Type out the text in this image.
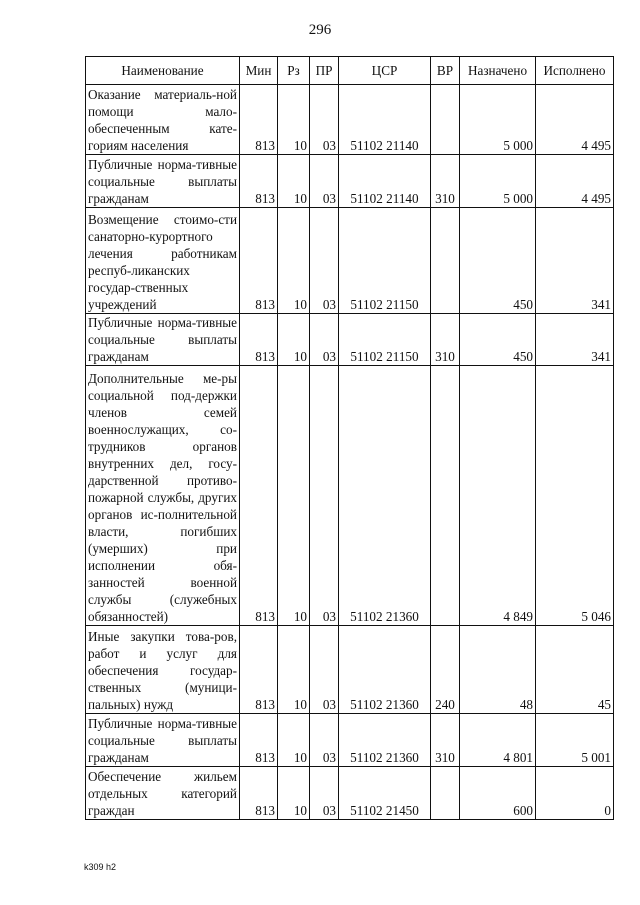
296
Наименование	Мин	Рз	ПР	ЦСР	ВР	Назначено	Исполнено
Оказание материаль-ной помощи мало-обеспеченным кате-гориям населения	813	10	03	51102 21140		5 000	4 495
Публичные норма-тивные социальные выплаты гражданам	813	10	03	51102 21140	310	5 000	4 495
Возмещение стоимо-сти санаторно-курортного лечения работникам респуб-ликанских государ-ственных учреждений	813	10	03	51102 21150		450	341
Публичные норма-тивные социальные выплаты гражданам	813	10	03	51102 21150	310	450	341
Дополнительные ме-ры социальной под-держки членов семей военнослужащих, со-трудников органов внутренних дел, госу-дарственной противо-пожарной службы, других органов ис-полнительной власти, погибших (умерших) при исполнении обя-занностей военной службы (служебных обязанностей)	813	10	03	51102 21360		4 849	5 046
Иные закупки това-ров, работ и услуг для обеспечения государ-ственных (муници-пальных) нужд	813	10	03	51102 21360	240	48	45
Публичные норма-тивные социальные выплаты гражданам	813	10	03	51102 21360	310	4 801	5 001
Обеспечение жильем отдельных категорий граждан	813	10	03	51102 21450		600	0
k309 h2
